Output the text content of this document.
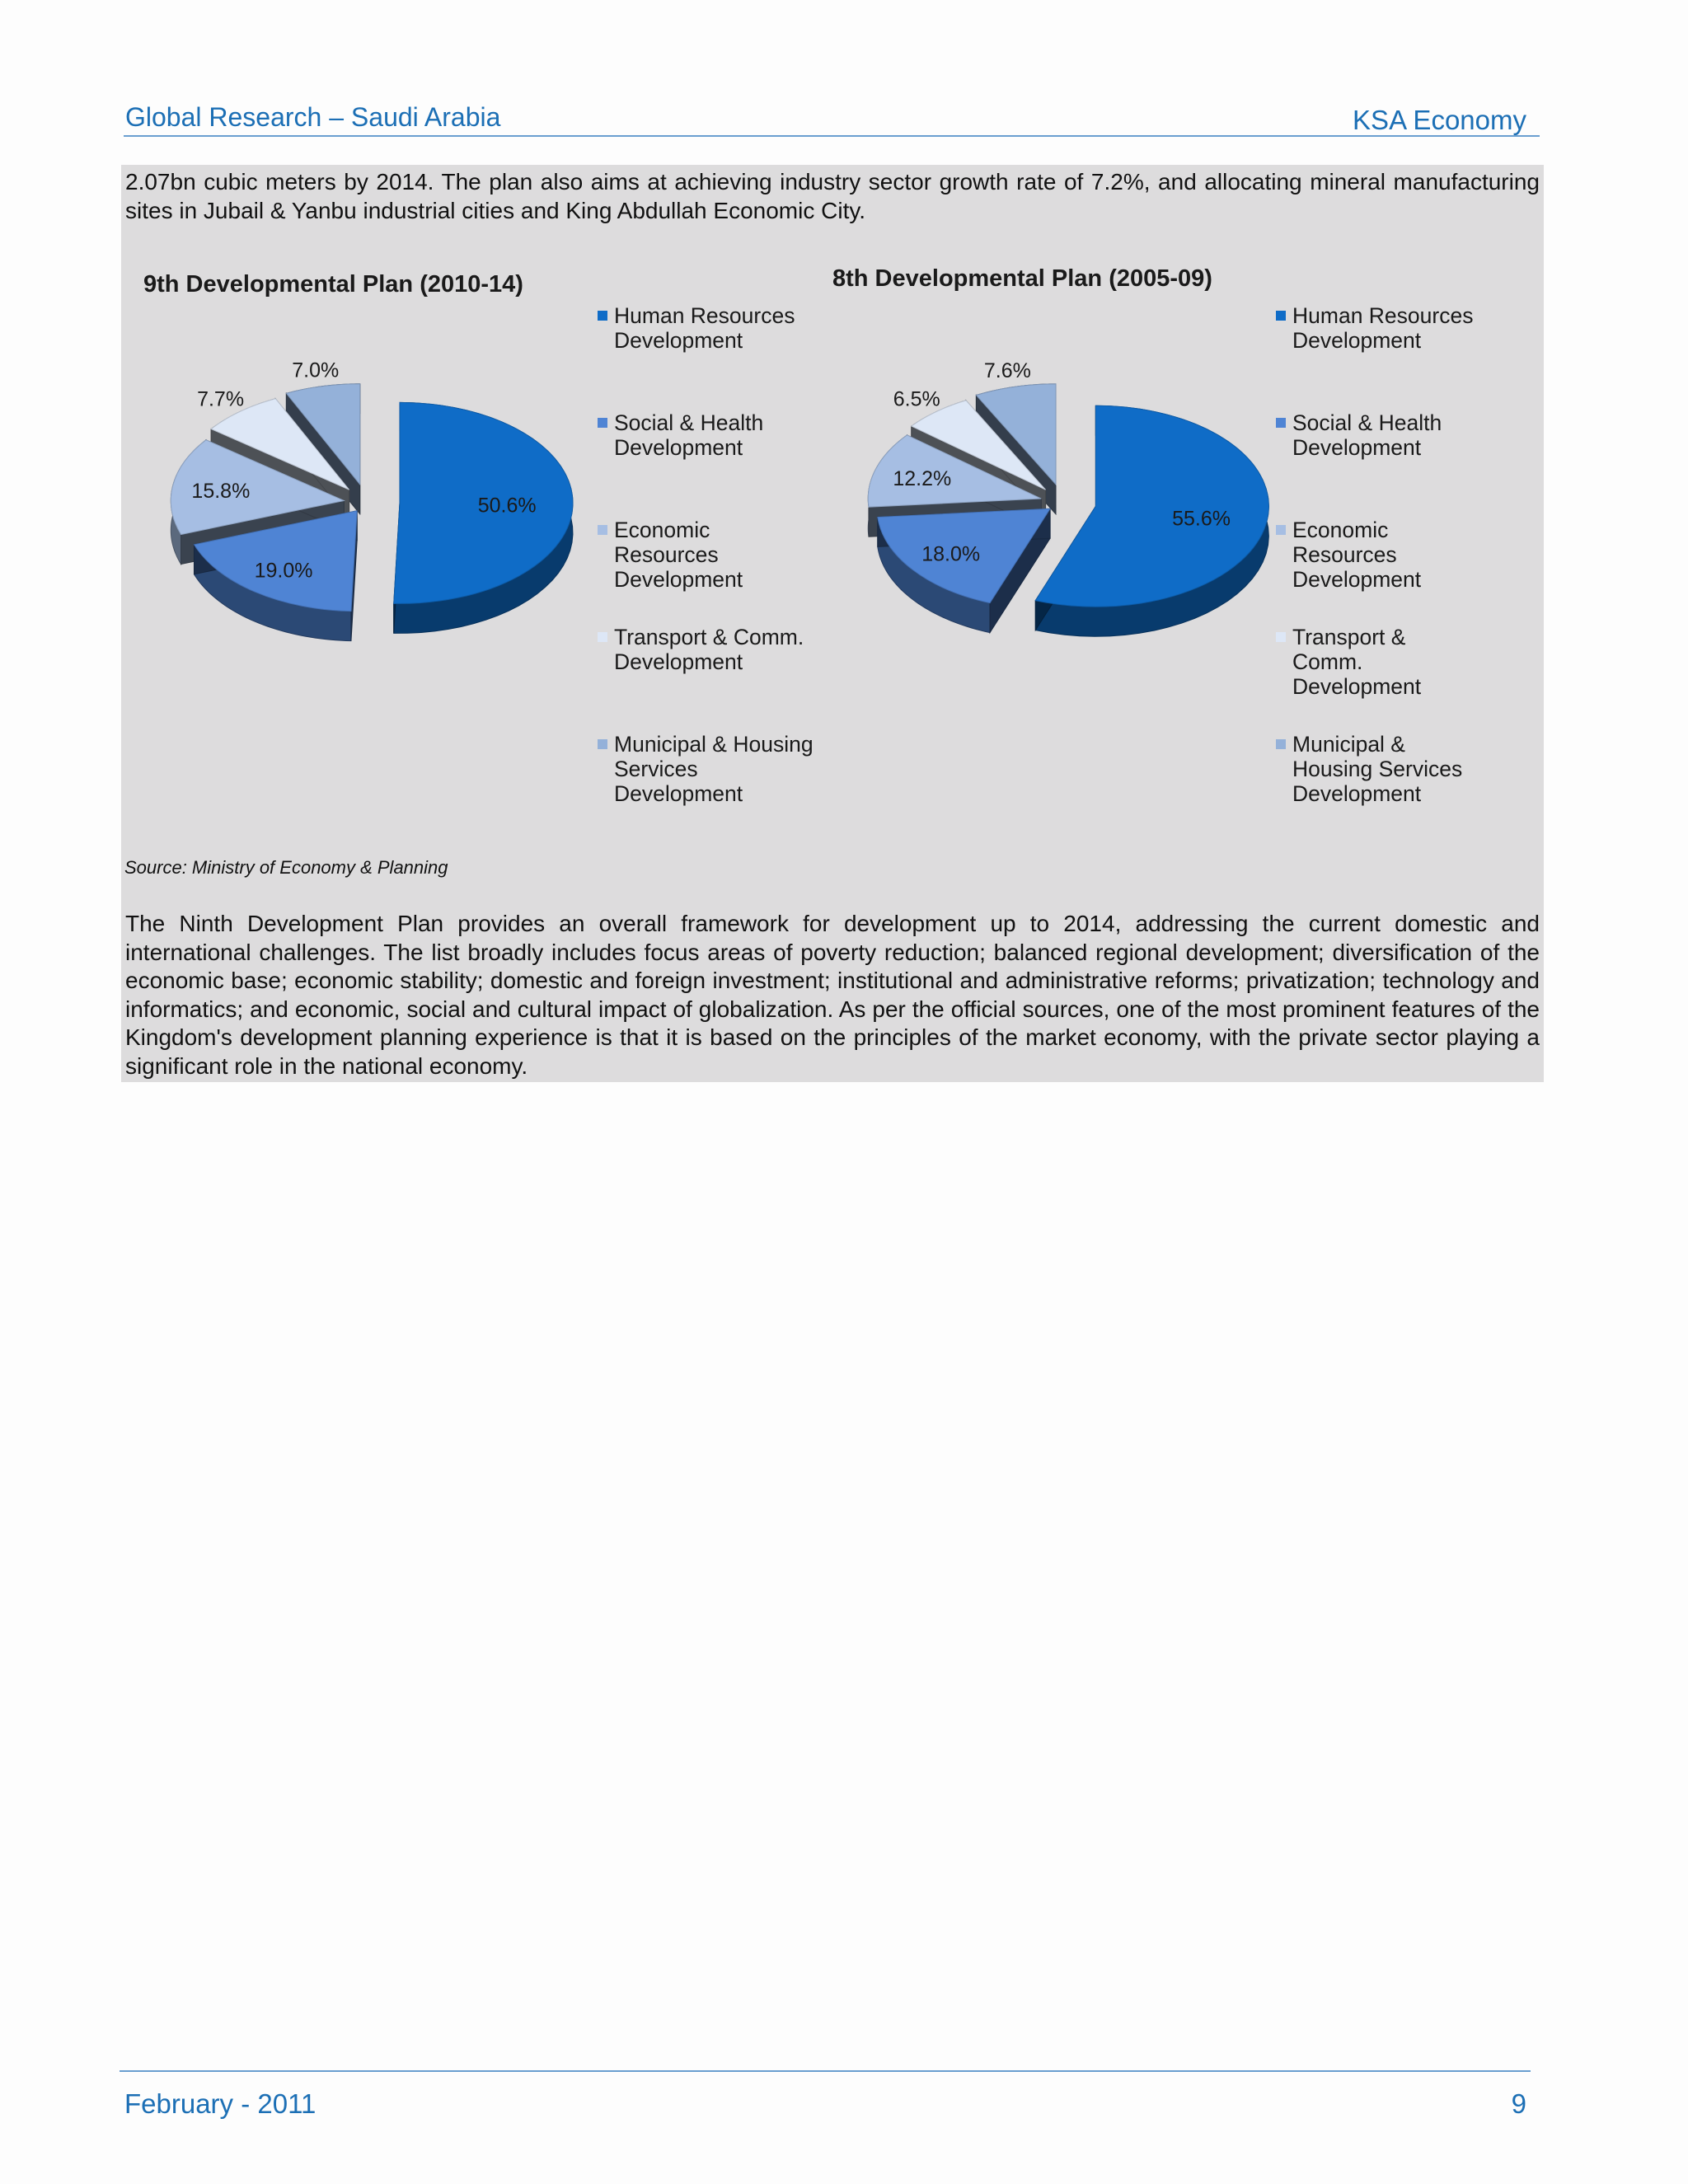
Global Research – Saudi Arabia	KSA Economy
2.07bn cubic meters by 2014. The plan also aims at achieving industry sector growth rate of 7.2%, and allocating mineral manufacturing sites in Jubail & Yanbu industrial cities and King Abdullah Economic City.
9th Developmental Plan (2010-14)	8th Developmental Plan (2005-09)
50.6%
19.0%
15.8%
7.7%
7.0%
55.6%
18.0%
12.2%
6.5%
7.6%
Human Resources
Development
Social & Health
Development
Economic
Resources
Development
Transport & Comm.
Development
Municipal & Housing
Services
Development
Human Resources
Development
Social & Health
Development
Economic
Resources
Development
Transport &
Comm.
Development
Municipal &
Housing Services
Development
Source: Ministry of Economy & Planning
The Ninth Development Plan provides an overall framework for development up to 2014, addressing the current domestic and international challenges. The list broadly includes focus areas of poverty reduction; balanced regional development; diversification of the economic base; economic stability; domestic and foreign investment; institutional and administrative reforms; privatization; technology and informatics; and economic, social and cultural impact of globalization. As per the official sources, one of the most prominent features of the Kingdom's development planning experience is that it is based on the principles of the market economy, with the private sector playing a significant role in the national economy.
February - 2011	9
